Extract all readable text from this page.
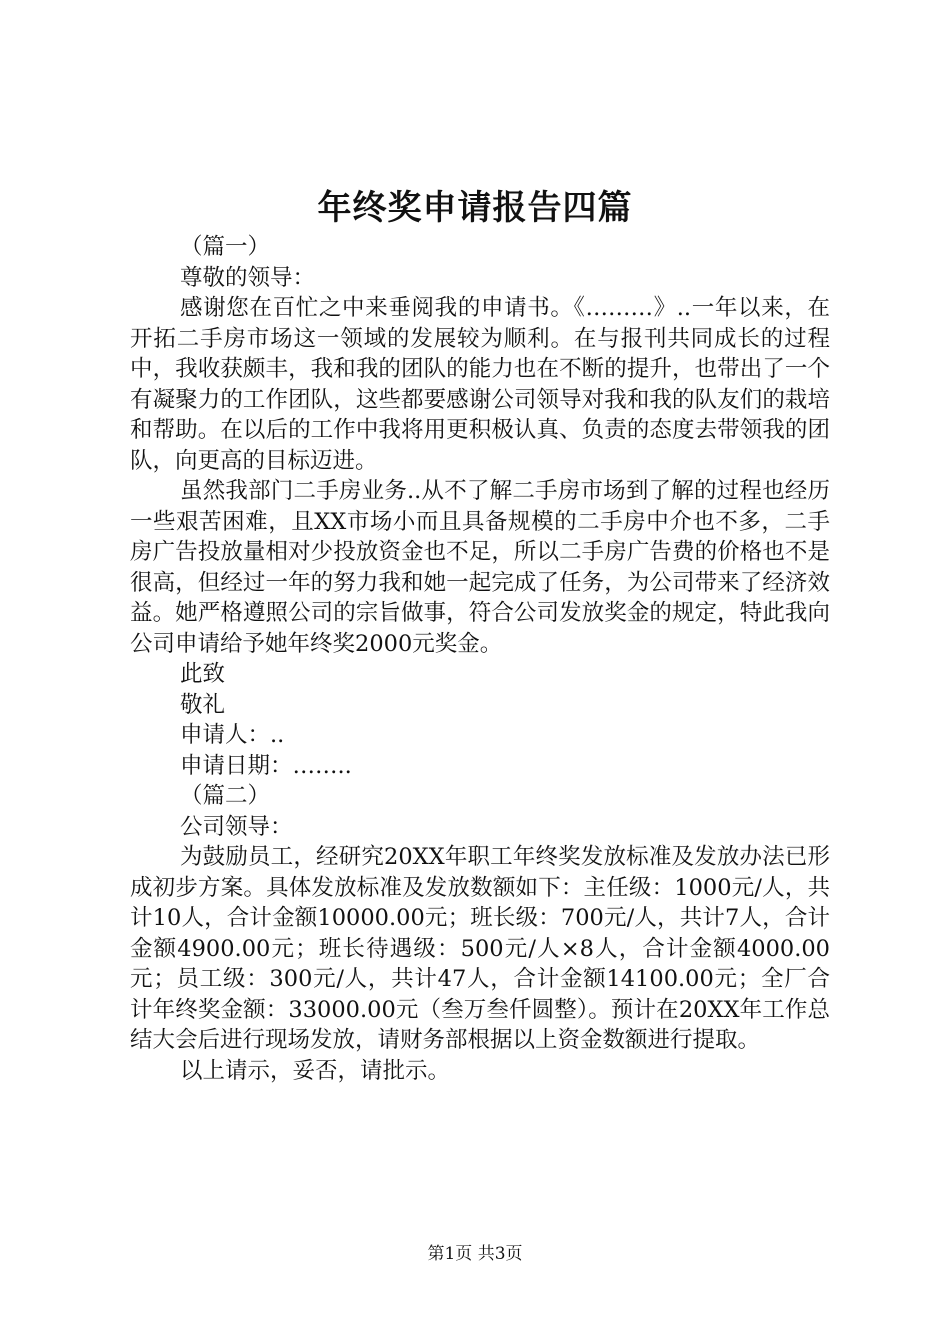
年终奖申请报告四篇

（篇一）

尊敬的领导：

感谢您在百忙之中来垂阅我的申请书。《………》..一年以来，在开拓二手房市场这一领域的发展较为顺利。在与报刊共同成长的过程中，我收获颇丰，我和我的团队的能力也在不断的提升，也带出了一个有凝聚力的工作团队，这些都要感谢公司领导对我和我的队友们的栽培和帮助。在以后的工作中我将用更积极认真、负责的态度去带领我的团队，向更高的目标迈进。

虽然我部门二手房业务..从不了解二手房市场到了解的过程也经历一些艰苦困难，且XX市场小而且具备规模的二手房中介也不多，二手房广告投放量相对少投放资金也不足，所以二手房广告费的价格也不是很高，但经过一年的努力我和她一起完成了任务，为公司带来了经济效益。她严格遵照公司的宗旨做事，符合公司发放奖金的规定，特此我向公司申请给予她年终奖2000元奖金。

此致

敬礼

申请人：..

申请日期：……..

（篇二）

公司领导：

为鼓励员工，经研究20XX年职工年终奖发放标准及发放办法已形成初步方案。具体发放标准及发放数额如下：主任级：1000元/人，共计10人，合计金额10000.00元；班长级：700元/人，共计7人，合计金额4900.00元；班长待遇级：500元/人×8人，合计金额4000.00元；员工级：300元/人，共计47人，合计金额14100.00元；全厂合计年终奖金额：33000.00元（叁万叁仟圆整）。预计在20XX年工作总结大会后进行现场发放，请财务部根据以上资金数额进行提取。

以上请示，妥否，请批示。

第1页 共3页
